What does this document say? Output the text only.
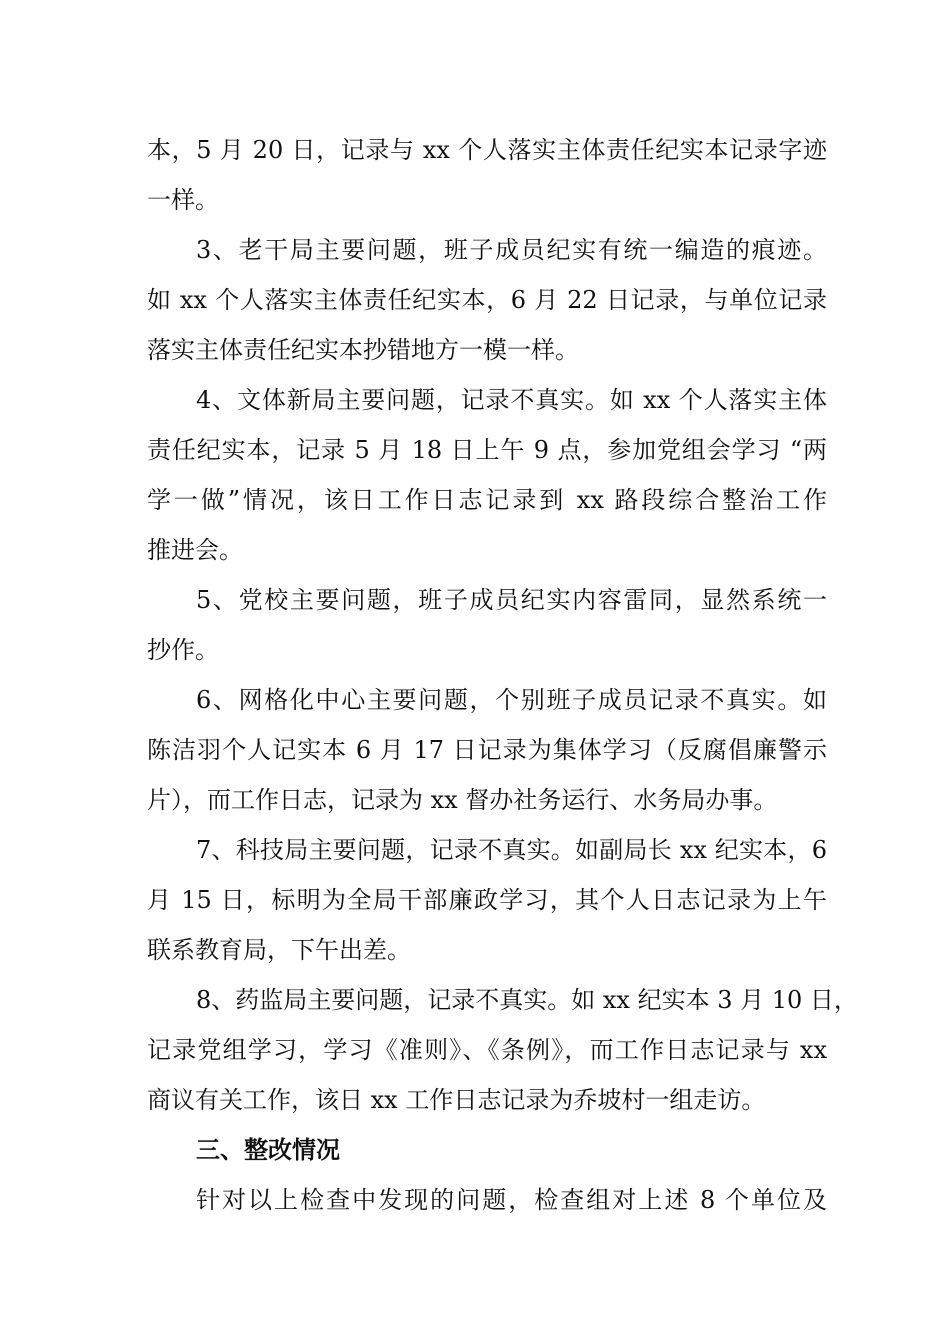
本，5 月 20 日，记录与 xx 个人落实主体责任纪实本记录字迹

一样。

3、老干局主要问题，班子成员纪实有统一编造的痕迹。

如 xx 个人落实主体责任纪实本，6 月 22 日记录，与单位记录

落实主体责任纪实本抄错地方一模一样。

4、文体新局主要问题，记录不真实。如 xx 个人落实主体

责任纪实本，记录 5 月 18 日上午 9 点，参加党组会学习 “两

学一做”情况，该日工作日志记录到 xx 路段综合整治工作

推进会。

5、党校主要问题，班子成员纪实内容雷同，显然系统一

抄作。

6、网格化中心主要问题，个别班子成员记录不真实。如

陈洁羽个人记实本 6 月 17 日记录为集体学习（反腐倡廉警示

片），而工作日志，记录为 xx 督办社务运行、水务局办事。

7、科技局主要问题，记录不真实。如副局长 xx 纪实本，6

月 15 日，标明为全局干部廉政学习，其个人日志记录为上午

联系教育局，下午出差。

8、药监局主要问题，记录不真实。如 xx 纪实本 3 月 10 日，

记录党组学习，学习《准则》、《条例》，而工作日志记录与 xx

商议有关工作，该日 xx 工作日志记录为乔坡村一组走访。

三、整改情况

针对以上检查中发现的问题，检查组对上述 8 个单位及
